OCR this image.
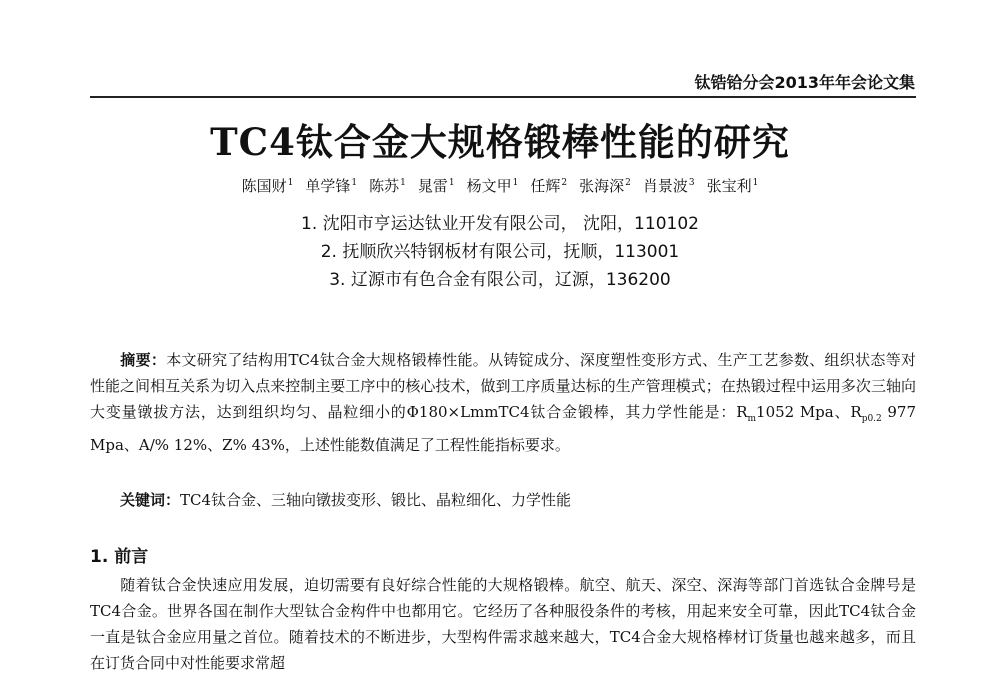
钛锆铪分会2013年年会论文集
TC4钛合金大规格锻棒性能的研究
陈国财$^1$ 单学锋$^1$ 陈苏$^1$ 晁雷$^1$ 杨文甲$^1$ 任辉$^2$ 张海深$^2$ 肖景波$^3$ 张宝利$^1$
1. 沈阳市亨运达钛业开发有限公司， 沈阳，110102
2. 抚顺欣兴特钢板材有限公司，抚顺，113001
3. 辽源市有色合金有限公司，辽源，136200
摘要：本文研究了结构用TC4钛合金大规格锻棒性能。从铸锭成分、深度塑性变形方式、生产工艺参数、组织状态等对性能之间相互关系为切入点来控制主要工序中的核心技术，做到工序质量达标的生产管理模式；在热锻过程中运用多次三轴向大变量镦拔方法，达到组织均匀、晶粒细小的Φ180×LmmTC4钛合金锻棒，其力学性能是：$R_m1052$ Mpa、$R_{p0.2}$ 977 Mpa、A/% 12%、Z% 43%，上述性能数值满足了工程性能指标要求。
关键词：TC4钛合金、三轴向镦拔变形、锻比、晶粒细化、力学性能
1. 前言
随着钛合金快速应用发展，迫切需要有良好综合性能的大规格锻棒。航空、航天、深空、深海等部门首选钛合金牌号是TC4合金。世界各国在制作大型钛合金构件中也都用它。它经历了各种服役条件的考核，用起来安全可靠，因此TC4钛合金一直是钛合金应用量之首位。随着技术的不断进步，大型构件需求越来越大，TC4合金大规格棒材订货量也越来越多，而且在订货合同中对性能要求常超
